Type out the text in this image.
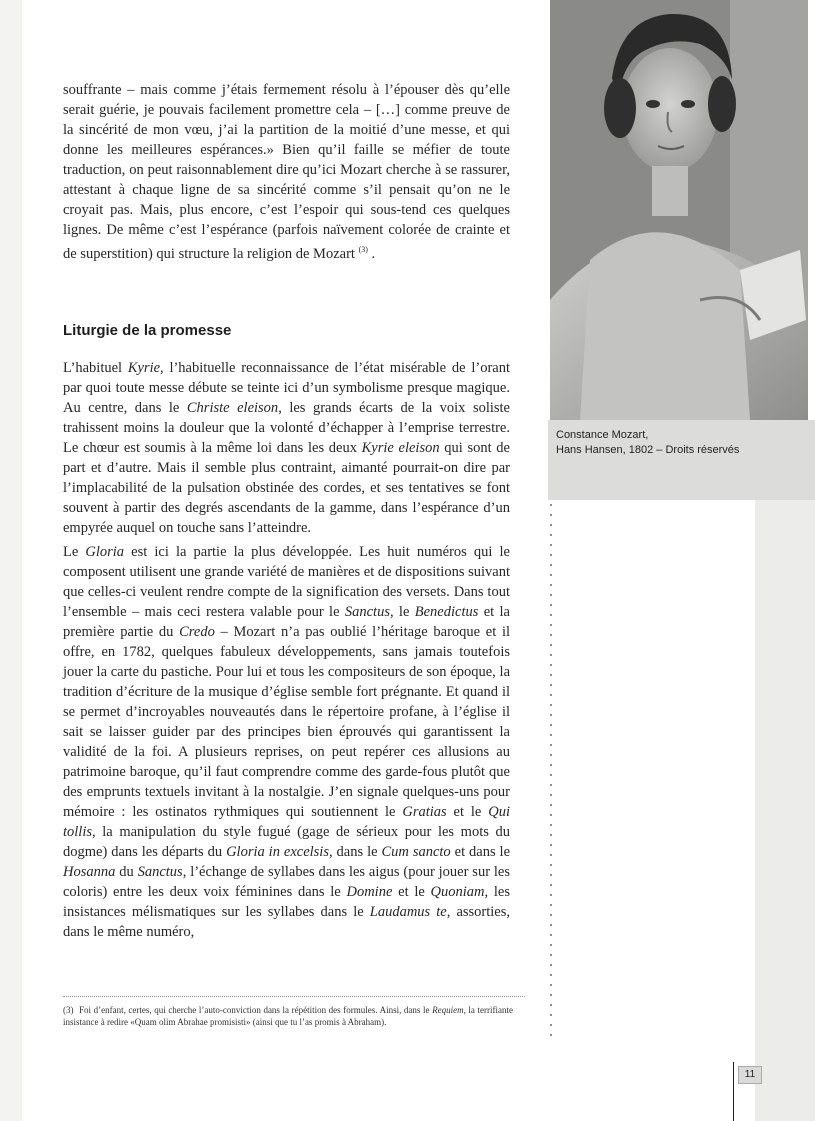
souffrante – mais comme j’étais fermement résolu à l’épouser dès qu’elle serait guérie, je pouvais facilement promettre cela – […] comme preuve de la sincérité de mon vœu, j’ai la partition de la moitié d’une messe, et qui donne les meilleures espérances.» Bien qu’il faille se méfier de toute traduction, on peut raisonnablement dire qu’ici Mozart cherche à se rassurer, attestant à chaque ligne de sa sincérité comme s’il pensait qu’on ne le croyait pas. Mais, plus encore, c’est l’espoir qui sous-tend ces quelques lignes. De même c’est l’espérance (parfois naïvement colorée de crainte et de superstition) qui structure la religion de Mozart $^{(3)}$ .

Liturgie de la promesse

L’habituel Kyrie, l’habituelle reconnaissance de l’état misérable de l’orant par quoi toute messe débute se teinte ici d’un symbolisme presque magique. Au centre, dans le Christe eleison, les grands écarts de la voix soliste trahissent moins la douleur que la volonté d’échapper à l’emprise terrestre. Le chœur est soumis à la même loi dans les deux Kyrie eleison qui sont de part et d’autre. Mais il semble plus contraint, aimanté pourrait-on dire par l’implacabilité de la pulsation obstinée des cordes, et ses tentatives se font souvent à partir des degrés ascendants de la gamme, dans l’espérance d’un empyrée auquel on touche sans l’atteindre.

Le Gloria est ici la partie la plus développée. Les huit numéros qui le composent utilisent une grande variété de manières et de dispositions suivant que celles-ci veulent rendre compte de la signification des versets. Dans tout l’ensemble – mais ceci restera valable pour le Sanctus, le Benedictus et la première partie du Credo – Mozart n’a pas oublié l’héritage baroque et il offre, en 1782, quelques fabuleux développements, sans jamais toutefois jouer la carte du pastiche. Pour lui et tous les compositeurs de son époque, la tradition d’écriture de la musique d’église semble fort prégnante. Et quand il se permet d’incroyables nouveautés dans le répertoire profane, à l’église il sait se laisser guider par des principes bien éprouvés qui garantissent la validité de la foi. A plusieurs reprises, on peut repérer ces allusions au patrimoine baroque, qu’il faut comprendre comme des garde-fous plutôt que des emprunts textuels invitant à la nostalgie. J’en signale quelques-uns pour mémoire : les ostinatos rythmiques qui soutiennent le Gratias et le Qui tollis, la manipulation du style fugué (gage de sérieux pour les mots du dogme) dans les départs du Gloria in excelsis, dans le Cum sancto et dans le Hosanna du Sanctus, l’échange de syllabes dans les aigus (pour jouer sur les coloris) entre les deux voix féminines dans le Domine et le Quoniam, les insistances mélismatiques sur les syllabes dans le Laudamus te, assorties, dans le même numéro,

(3) Foi d’enfant, certes, qui cherche l’auto-conviction dans la répétition des formules. Ainsi, dans le Requiem, la terrifiante insistance à redire «Quam olim Abrahae promisisti» (ainsi que tu l’as promis à Abraham).
Constance Mozart,
Hans Hansen, 1802 – Droits réservés
11
